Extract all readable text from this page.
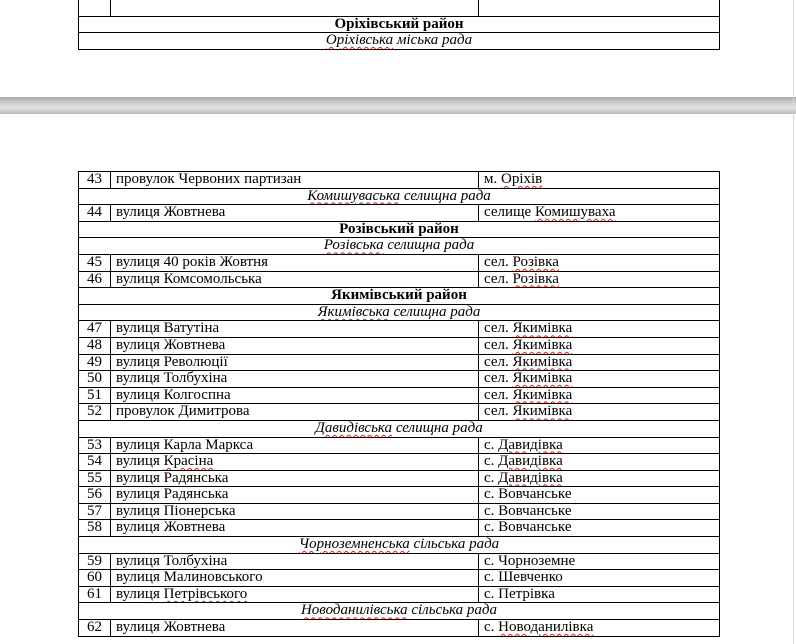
Оріхівський район
Оріхівська міська рада
43	провулок Червоних партизан	м. Оріхів
Комишуваська селищна рада		
44	вулиця Жовтнева	селище Комишуваха
Розівський район		
Розівська селищна рада		
45	вулиця 40 років Жовтня	сел. Розівка
46	вулиця Комсомольська	сел. Розівка
Якимівський район		
Якимівська селищна рада		
47	вулиця Ватутіна	сел. Якимівка
48	вулиця Жовтнева	сел. Якимівка
49	вулиця Революції	сел. Якимівка
50	вулиця Толбухіна	сел. Якимівка
51	вулиця Колгоспна	сел. Якимівка
52	провулок Димитрова	сел. Якимівка
Давидівська селищна рада		
53	вулиця Карла Маркса	с. Давидівка
54	вулиця Красіна	с. Давидівка
55	вулиця Радянська	с. Давидівка
56	вулиця Радянська	с. Вовчанське
57	вулиця Піонерська	с. Вовчанське
58	вулиця Жовтнева	с. Вовчанське
Чорноземненська сільська рада		
59	вулиця Толбухіна	с. Чорноземне
60	вулиця Малиновського	с. Шевченко
61	вулиця Петрівського	с. Петрівка
Новоданилівська сільська рада		
62	вулиця Жовтнева	с. Новоданилівка
